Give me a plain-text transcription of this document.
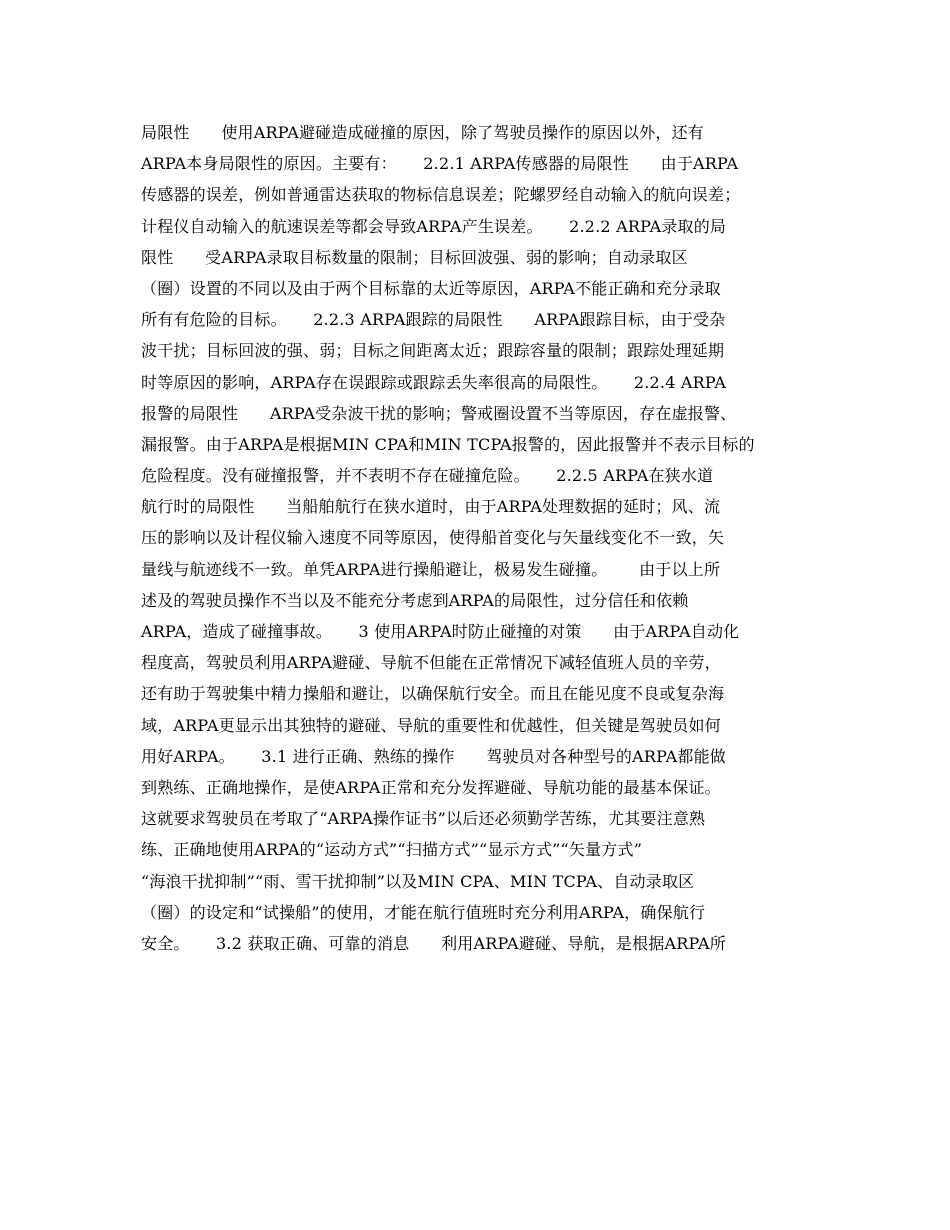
局限性      使用ARPA避碰造成碰撞的原因，除了驾驶员操作的原因以外，还有
ARPA本身局限性的原因。主要有：     2.2.1 ARPA传感器的局限性      由于ARPA
传感器的误差，例如普通雷达获取的物标信息误差；陀螺罗经自动输入的航向误差；
计程仪自动输入的航速误差等都会导致ARPA产生误差。     2.2.2 ARPA录取的局
限性      受ARPA录取目标数量的限制；目标回波强、弱的影响；自动录取区
（圈）设置的不同以及由于两个目标靠的太近等原因，ARPA不能正确和充分录取
所有有危险的目标。     2.2.3 ARPA跟踪的局限性      ARPA跟踪目标，由于受杂
波干扰；目标回波的强、弱；目标之间距离太近；跟踪容量的限制；跟踪处理延期
时等原因的影响，ARPA存在误跟踪或跟踪丢失率很高的局限性。     2.2.4 ARPA
报警的局限性      ARPA受杂波干扰的影响；警戒圈设置不当等原因，存在虚报警、
漏报警。由于ARPA是根据MIN CPA和MIN TCPA报警的，因此报警并不表示目标的
危险程度。没有碰撞报警，并不表明不存在碰撞危险。     2.2.5 ARPA在狭水道
航行时的局限性      当船舶航行在狭水道时，由于ARPA处理数据的延时；风、流
压的影响以及计程仪输入速度不同等原因，使得船首变化与矢量线变化不一致，矢
量线与航迹线不一致。单凭ARPA进行操船避让，极易发生碰撞。      由于以上所
述及的驾驶员操作不当以及不能充分考虑到ARPA的局限性，过分信任和依赖
ARPA，造成了碰撞事故。     3 使用ARPA时防止碰撞的对策      由于ARPA自动化
程度高，驾驶员利用ARPA避碰、导航不但能在正常情况下减轻值班人员的辛劳，
还有助于驾驶集中精力操船和避让，以确保航行安全。而且在能见度不良或复杂海
域，ARPA更显示出其独特的避碰、导航的重要性和优越性，但关键是驾驶员如何
用好ARPA。     3.1 进行正确、熟练的操作      驾驶员对各种型号的ARPA都能做
到熟练、正确地操作，是使ARPA正常和充分发挥避碰、导航功能的最基本保证。
这就要求驾驶员在考取了“ARPA操作证书”以后还必须勤学苦练，尤其要注意熟
练、正确地使用ARPA的“运动方式”“扫描方式”“显示方式”“矢量方式”
“海浪干扰抑制”“雨、雪干扰抑制”以及MIN CPA、MIN TCPA、自动录取区
（圈）的设定和“试操船”的使用，才能在航行值班时充分利用ARPA，确保航行
安全。     3.2 获取正确、可靠的消息      利用ARPA避碰、导航，是根据ARPA所
